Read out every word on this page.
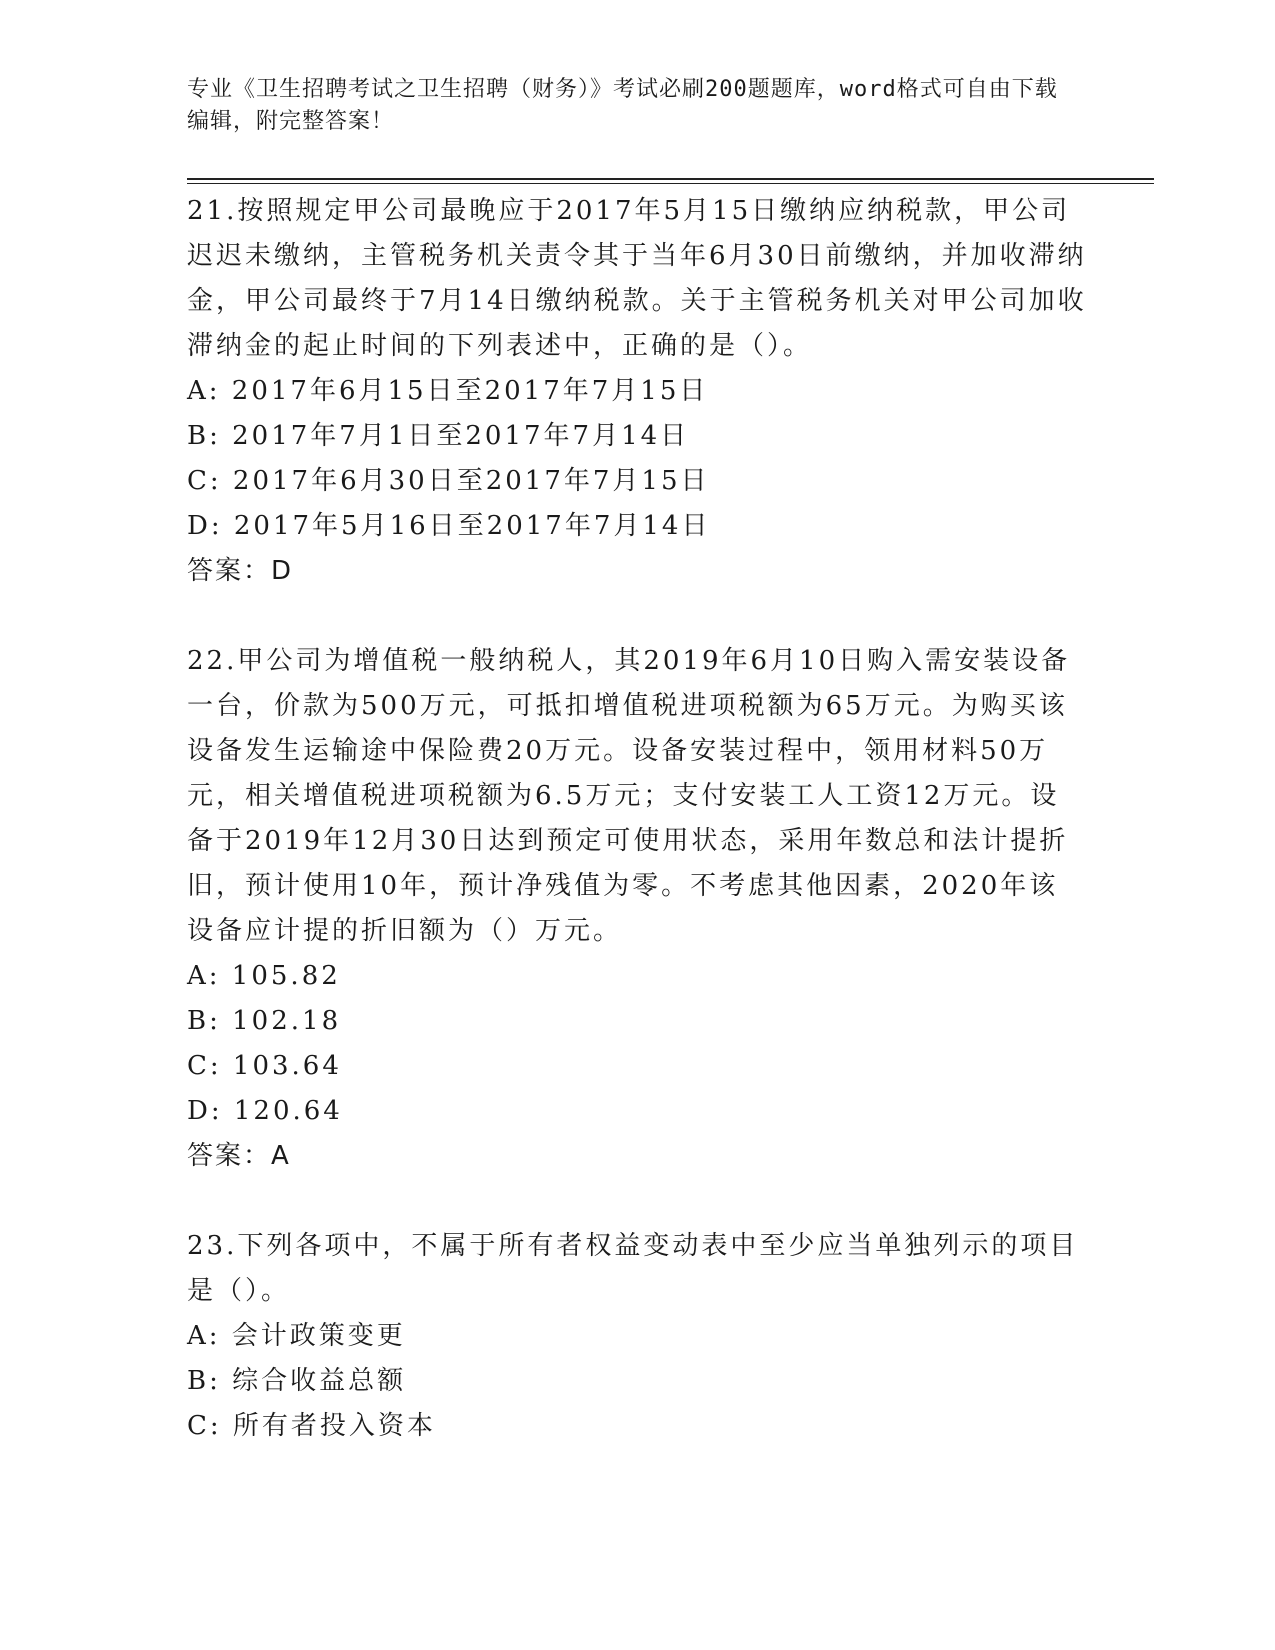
专业《卫生招聘考试之卫生招聘（财务）》考试必刷200题题库，word格式可自由下载编辑，附完整答案！

21.按照规定甲公司最晚应于2017年5月15日缴纳应纳税款，甲公司迟迟未缴纳，主管税务机关责令其于当年6月30日前缴纳，并加收滞纳金，甲公司最终于7月14日缴纳税款。关于主管税务机关对甲公司加收滞纳金的起止时间的下列表述中，正确的是（）。

A: 2017年6月15日至2017年7月15日

B: 2017年7月1日至2017年7月14日

C: 2017年6月30日至2017年7月15日

D: 2017年5月16日至2017年7月14日

答案：D

22.甲公司为增值税一般纳税人，其2019年6月10日购入需安装设备一台，价款为500万元，可抵扣增值税进项税额为65万元。为购买该设备发生运输途中保险费20万元。设备安装过程中，领用材料50万元，相关增值税进项税额为6.5万元；支付安装工人工资12万元。设备于2019年12月30日达到预定可使用状态，采用年数总和法计提折旧，预计使用10年，预计净残值为零。不考虑其他因素，2020年该设备应计提的折旧额为（）万元。

A: 105.82

B: 102.18

C: 103.64

D: 120.64

答案：A

23.下列各项中，不属于所有者权益变动表中至少应当单独列示的项目是（）。

A: 会计政策变更

B: 综合收益总额

C: 所有者投入资本
